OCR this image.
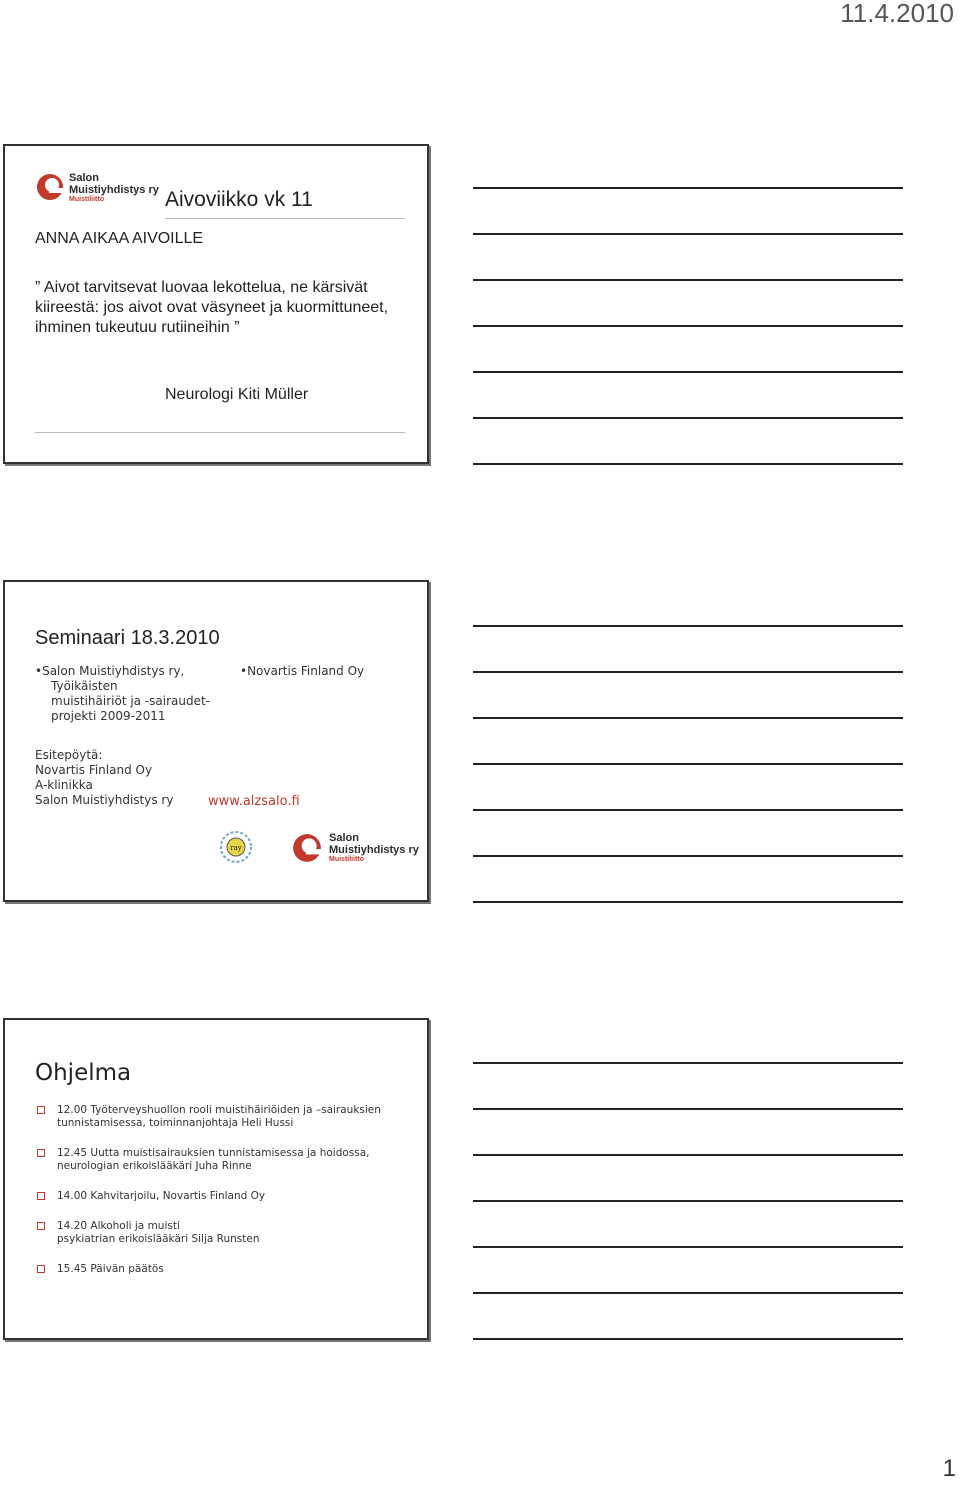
11.4.2010
Salon
Muistiyhdistys ry
Muistiliitto	Aivoviikko vk 11
ANNA AIKAA AIVOILLE
” Aivot tarvitsevat luovaa lekottelua, ne kärsivät kiireestä: jos aivot ovat väsyneet ja kuormittuneet, ihminen tukeutuu rutiineihin ”
Neurologi Kiti Müller
Seminaari 18.3.2010
•Salon Muistiyhdistys ry,
Työikäisten
muistihäiriöt ja -sairaudet-
projekti 2009-2011
•Novartis Finland Oy
Esitepöytä:
Novartis Finland Oy
A-klinikka
Salon Muistiyhdistys ry	www.alzsalo.fi
ray
Salon
Muistiyhdistys ry
Muistiliitto
Ohjelma
12.00 Työterveyshuollon rooli muistihäiriöiden ja –sairauksien
tunnistamisessa, toiminnanjohtaja Heli Hussi
12.45 Uutta muistisairauksien tunnistamisessa ja hoidossa,
neurologian erikoislääkäri Juha Rinne
14.00 Kahvitarjoilu, Novartis Finland Oy
14.20 Alkoholi ja muisti
psykiatrian erikoislääkäri Silja Runsten
15.45 Päivän päätös
1
